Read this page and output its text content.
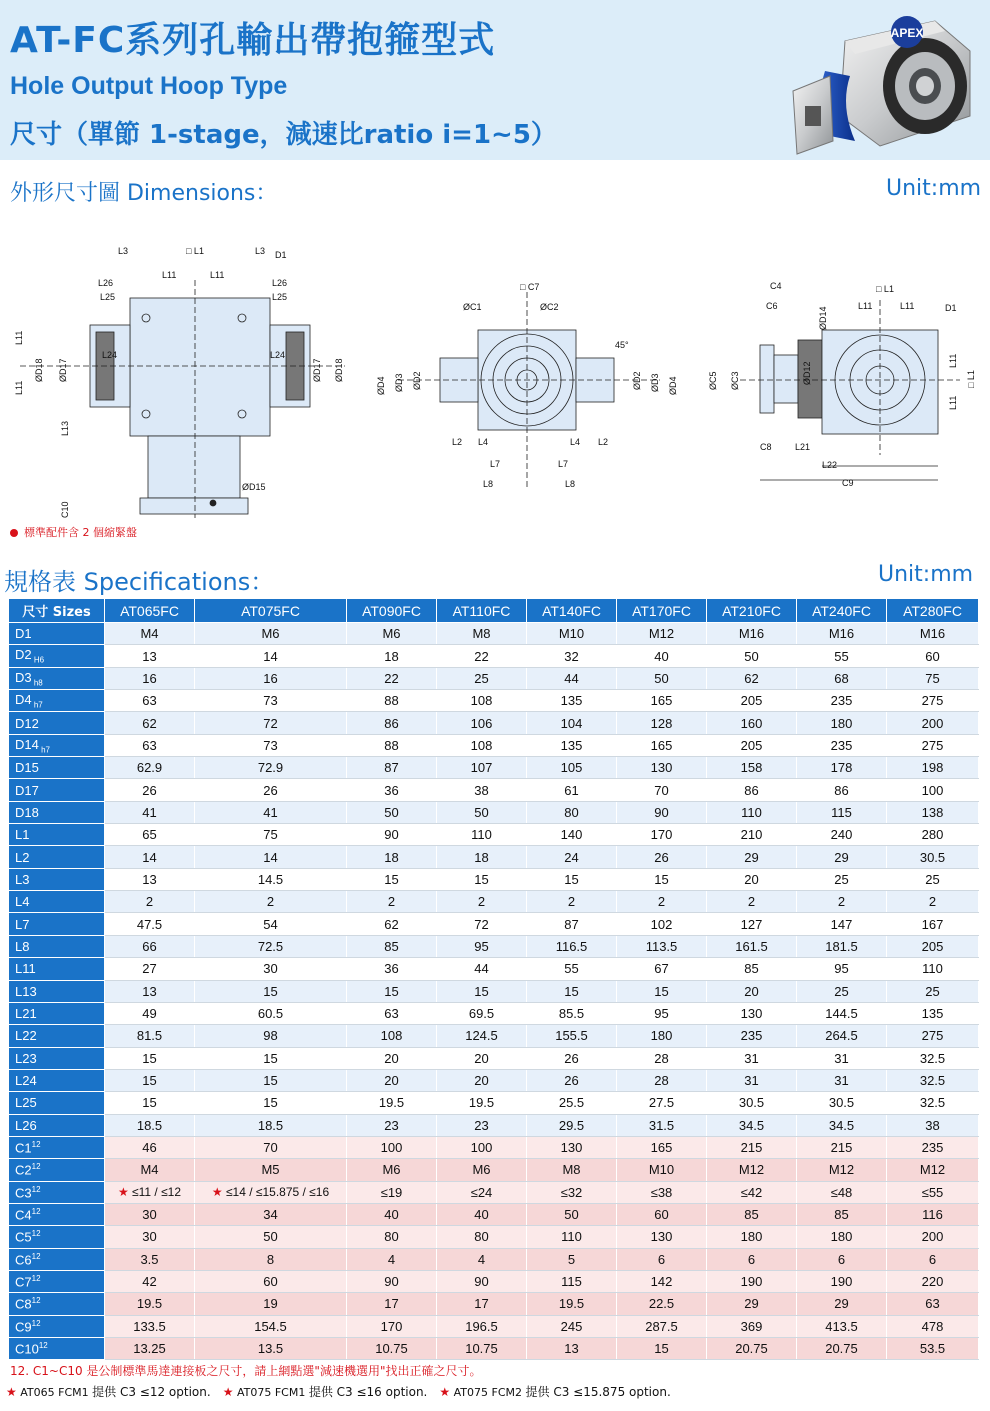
AT-FC系列孔輸出帶抱箍型式
Hole Output Hoop Type
尺寸（單節 1-stage，減速比ratio i=1~5）
APEX
外形尺寸圖 Dimensions：	Unit:mm
L3	□ L1	L3 D1
L11	L11
L26	L26
L25	L25
L24	L24
ØD15
□ C7
ØC1	ØC2
45°
L2 L4	L4 L2
L7	L7
L8	L8
C4	□ L1
C6	L11	L11	D1
C8	L21
L22
C9
L11
L11
ØD18 ØD17	ØD17 ØD18
L13
C10
ØD4 ØD3 ØD2	ØD2 ØD3 ØD4	ØC5 ØC3	ØD12
ØD14
L11
L11
□ L1
標準配件含 2 個縮緊盤
規格表 Specifications：	Unit:mm
尺寸 Sizes	AT065FC	AT075FC	AT090FC	AT110FC	AT140FC	AT170FC	AT210FC	AT240FC	AT280FC
D1	M4	M6	M6	M8	M10	M12	M16	M16	M16
D2 $_{H6}$	13	14	18	22	32	40	50	55	60
D3 $_{h8}$	16	16	22	25	44	50	62	68	75
D4 $_{h7}$	63	73	88	108	135	165	205	235	275
D12	62	72	86	106	104	128	160	180	200
D14 $_{h7}$	63	73	88	108	135	165	205	235	275
D15	62.9	72.9	87	107	105	130	158	178	198
D17	26	26	36	38	61	70	86	86	100
D18	41	41	50	50	80	90	110	115	138
L1	65	75	90	110	140	170	210	240	280
L2	14	14	18	18	24	26	29	29	30.5
L3	13	14.5	15	15	15	15	20	25	25
L4	2	2	2	2	2	2	2	2	2
L7	47.5	54	62	72	87	102	127	147	167
L8	66	72.5	85	95	116.5	113.5	161.5	181.5	205
L11	27	30	36	44	55	67	85	95	110
L13	13	15	15	15	15	15	20	25	25
L21	49	60.5	63	69.5	85.5	95	130	144.5	135
L22	81.5	98	108	124.5	155.5	180	235	264.5	275
L23	15	15	20	20	26	28	31	31	32.5
L24	15	15	20	20	26	28	31	31	32.5
L25	15	15	19.5	19.5	25.5	27.5	30.5	30.5	32.5
L26	18.5	18.5	23	23	29.5	31.5	34.5	34.5	38
$C1^{12}$	46	70	100	100	130	165	215	215	235
$C2^{12}$	M4	M5	M6	M6	M8	M10	M12	M12	M12
$C3^{12}$	★ ≤11 / ≤12	★ ≤14 / ≤15.875 / ≤16	≤19	≤24	≤32	≤38	≤42	≤48	≤55
$C4^{12}$	30	34	40	40	50	60	85	85	116
$C5^{12}$	30	50	80	80	110	130	180	180	200
$C6^{12}$	3.5	8	4	4	5	6	6	6	6
$C7^{12}$	42	60	90	90	115	142	190	190	220
$C8^{12}$	19.5	19	17	17	19.5	22.5	29	29	63
$C9^{12}$	133.5	154.5	170	196.5	245	287.5	369	413.5	478
$C10^{12}$	13.25	13.5	10.75	10.75	13	15	20.75	20.75	53.5
12. C1~C10 是公制標準馬達連接板之尺寸，請上網點選"減速機選用"找出正確之尺寸。
★ AT065 FCM1 提供 C3 ≤12 option. ★ AT075 FCM1 提供 C3 ≤16 option. ★ AT075 FCM2 提供 C3 ≤15.875 option.
